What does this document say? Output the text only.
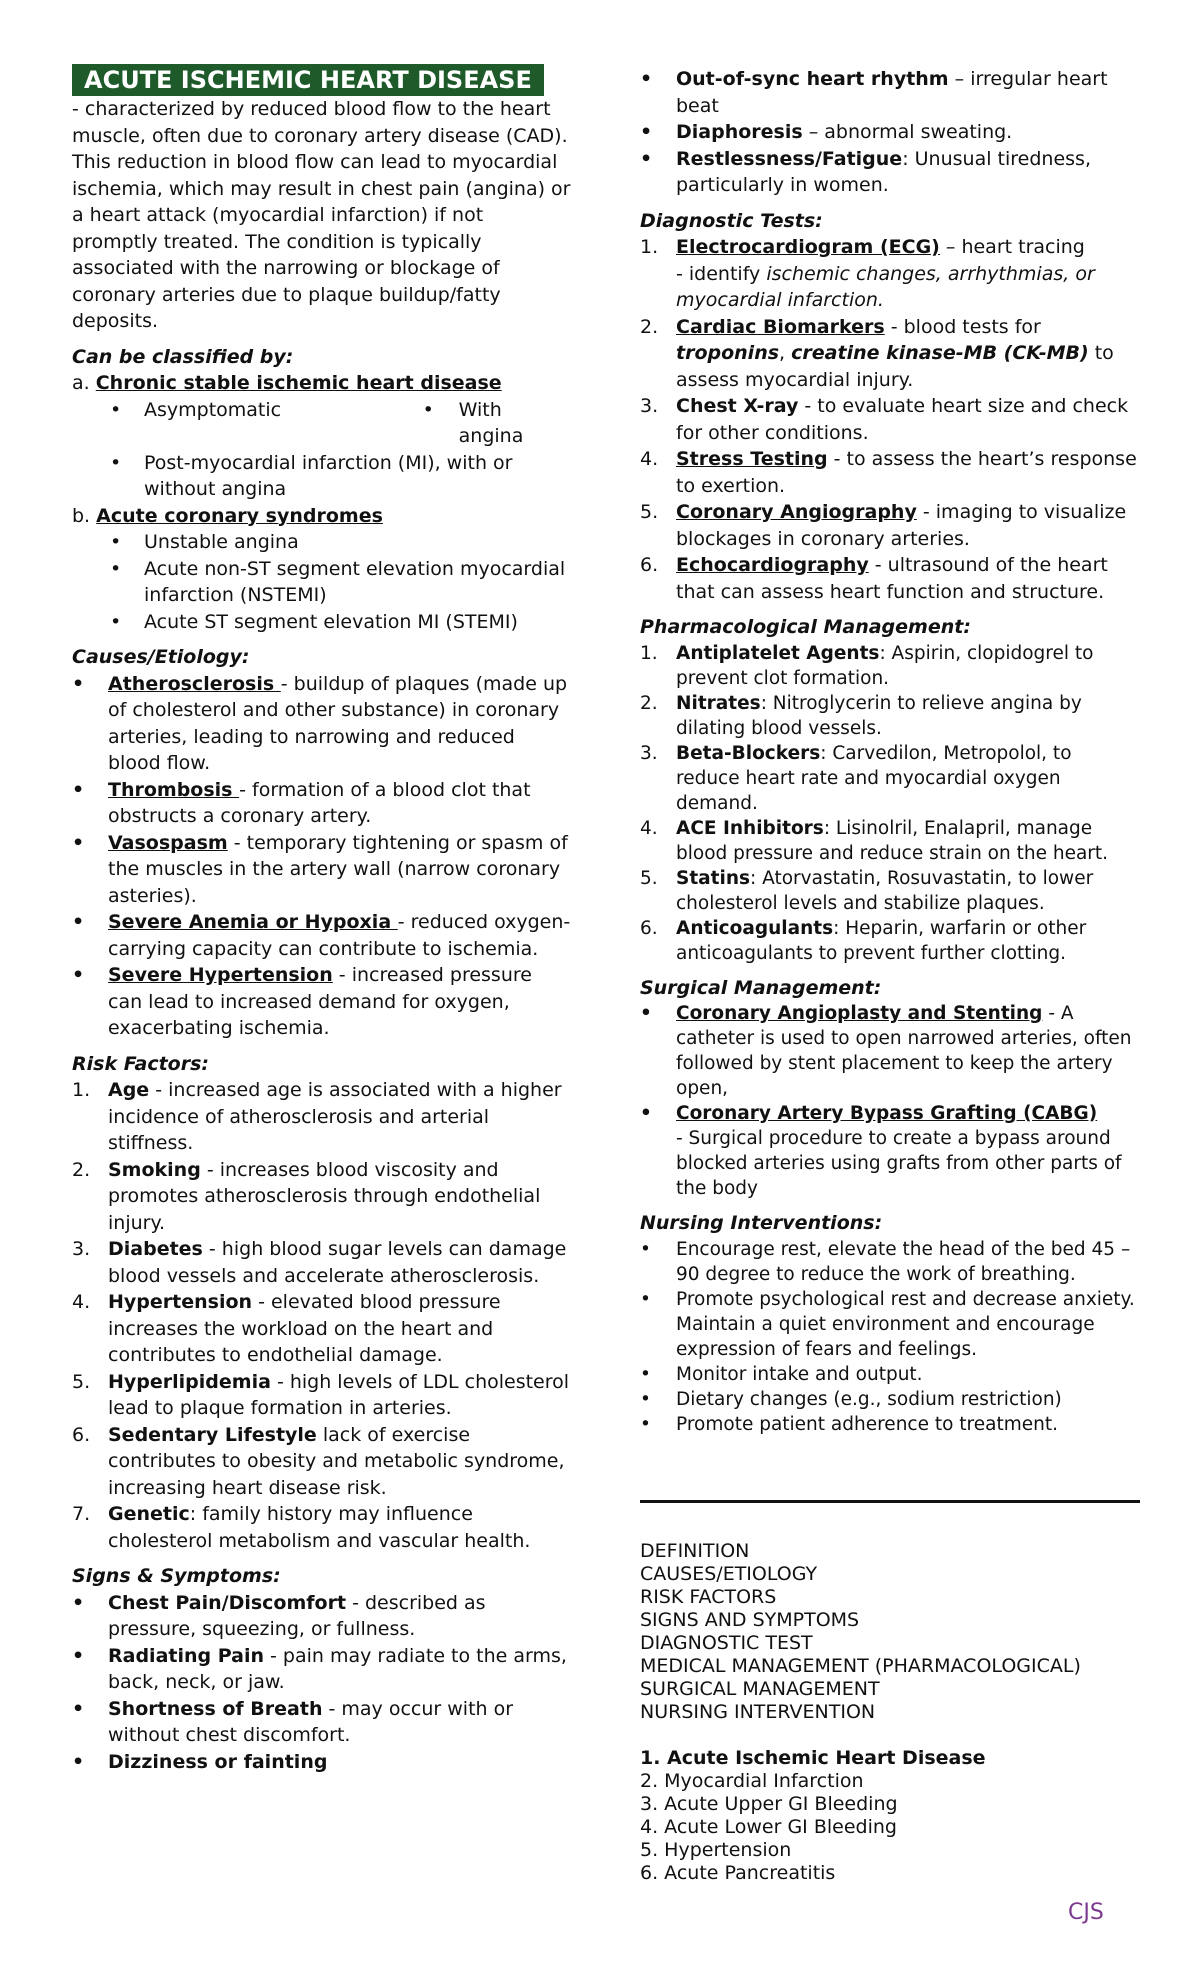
ACUTE ISCHEMIC HEART DISEASE

- characterized by reduced blood flow to the heart muscle, often due to coronary artery disease (CAD). This reduction in blood flow can lead to myocardial ischemia, which may result in chest pain (angina) or a heart attack (myocardial infarction) if not promptly treated. The condition is typically associated with the narrowing or blockage of coronary arteries due to plaque buildup/fatty deposits.

Can be classified by:

a. Chronic stable ischemic heart disease
• Asymptomatic	• With angina
• Post-myocardial infarction (MI), with or without angina
b. Acute coronary syndromes
• Unstable angina
• Acute non-ST segment elevation myocardial infarction (NSTEMI)
• Acute ST segment elevation MI (STEMI)

Causes/Etiology:

• Atherosclerosis - buildup of plaques (made up of cholesterol and other substance) in coronary arteries, leading to narrowing and reduced blood flow.
• Thrombosis - formation of a blood clot that obstructs a coronary artery.
• Vasospasm - temporary tightening or spasm of the muscles in the artery wall (narrow coronary asteries).
• Severe Anemia or Hypoxia - reduced oxygen-carrying capacity can contribute to ischemia.
• Severe Hypertension - increased pressure can lead to increased demand for oxygen, exacerbating ischemia.

Risk Factors:

1. Age - increased age is associated with a higher incidence of atherosclerosis and arterial stiffness.
2. Smoking - increases blood viscosity and promotes atherosclerosis through endothelial injury.
3. Diabetes - high blood sugar levels can damage blood vessels and accelerate atherosclerosis.
4. Hypertension - elevated blood pressure increases the workload on the heart and contributes to endothelial damage.
5. Hyperlipidemia - high levels of LDL cholesterol lead to plaque formation in arteries.
6. Sedentary Lifestyle lack of exercise contributes to obesity and metabolic syndrome, increasing heart disease risk.
7. Genetic: family history may influence cholesterol metabolism and vascular health.

Signs & Symptoms:

• Chest Pain/Discomfort - described as pressure, squeezing, or fullness.
• Radiating Pain - pain may radiate to the arms, back, neck, or jaw.
• Shortness of Breath - may occur with or without chest discomfort.
• Dizziness or fainting
• Out-of-sync heart rhythm – irregular heart beat
• Diaphoresis – abnormal sweating.
• Restlessness/Fatigue: Unusual tiredness, particularly in women.

Diagnostic Tests:

1. Electrocardiogram (ECG) – heart tracing
- identify ischemic changes, arrhythmias, or myocardial infarction.
2. Cardiac Biomarkers - blood tests for troponins, creatine kinase-MB (CK-MB) to assess myocardial injury.
3. Chest X-ray - to evaluate heart size and check for other conditions.
4. Stress Testing - to assess the heart’s response to exertion.
5. Coronary Angiography - imaging to visualize blockages in coronary arteries.
6. Echocardiography - ultrasound of the heart that can assess heart function and structure.

Pharmacological Management:

1. Antiplatelet Agents: Aspirin, clopidogrel to prevent clot formation.
2. Nitrates: Nitroglycerin to relieve angina by dilating blood vessels.
3. Beta-Blockers: Carvedilon, Metropolol, to reduce heart rate and myocardial oxygen demand.
4. ACE Inhibitors: Lisinolril, Enalapril, manage blood pressure and reduce strain on the heart.
5. Statins: Atorvastatin, Rosuvastatin, to lower cholesterol levels and stabilize plaques.
6. Anticoagulants: Heparin, warfarin or other anticoagulants to prevent further clotting.

Surgical Management:

• Coronary Angioplasty and Stenting - A catheter is used to open narrowed arteries, often followed by stent placement to keep the artery open,
• Coronary Artery Bypass Grafting (CABG)
- Surgical procedure to create a bypass around blocked arteries using grafts from other parts of the body

Nursing Interventions:

• Encourage rest, elevate the head of the bed 45 – 90 degree to reduce the work of breathing.
• Promote psychological rest and decrease anxiety. Maintain a quiet environment and encourage expression of fears and feelings.
• Monitor intake and output.
• Dietary changes (e.g., sodium restriction)
• Promote patient adherence to treatment.
DEFINITION
CAUSES/ETIOLOGY
RISK FACTORS
SIGNS AND SYMPTOMS
DIAGNOSTIC TEST
MEDICAL MANAGEMENT (PHARMACOLOGICAL)
SURGICAL MANAGEMENT
NURSING INTERVENTION
1. Acute Ischemic Heart Disease
2. Myocardial Infarction
3. Acute Upper GI Bleeding
4. Acute Lower GI Bleeding
5. Hypertension
6. Acute Pancreatitis
CJS
